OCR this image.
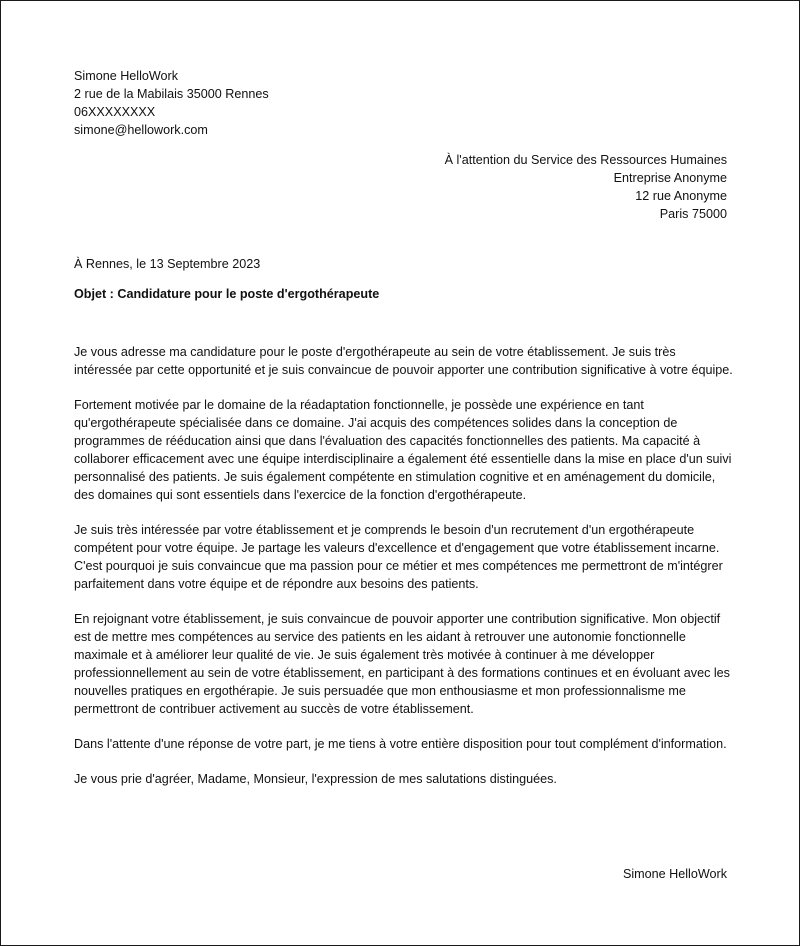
Simone HelloWork
2 rue de la Mabilais 35000 Rennes
06XXXXXXXX
simone@hellowork.com
À l'attention du Service des Ressources Humaines
Entreprise Anonyme
12 rue Anonyme
Paris 75000
À Rennes, le 13 Septembre 2023
Objet : Candidature pour le poste d'ergothérapeute

Je vous adresse ma candidature pour le poste d'ergothérapeute au sein de votre établissement. Je suis très intéressée par cette opportunité et je suis convaincue de pouvoir apporter une contribution significative à votre équipe.

Fortement motivée par le domaine de la réadaptation fonctionnelle, je possède une expérience en tant qu'ergothérapeute spécialisée dans ce domaine. J'ai acquis des compétences solides dans la conception de programmes de rééducation ainsi que dans l'évaluation des capacités fonctionnelles des patients. Ma capacité à collaborer efficacement avec une équipe interdisciplinaire a également été essentielle dans la mise en place d'un suivi personnalisé des patients. Je suis également compétente en stimulation cognitive et en aménagement du domicile, des domaines qui sont essentiels dans l'exercice de la fonction d'ergothérapeute.

Je suis très intéressée par votre établissement et je comprends le besoin d'un recrutement d'un ergothérapeute compétent pour votre équipe. Je partage les valeurs d'excellence et d'engagement que votre établissement incarne. C'est pourquoi je suis convaincue que ma passion pour ce métier et mes compétences me permettront de m'intégrer parfaitement dans votre équipe et de répondre aux besoins des patients.

En rejoignant votre établissement, je suis convaincue de pouvoir apporter une contribution significative. Mon objectif est de mettre mes compétences au service des patients en les aidant à retrouver une autonomie fonctionnelle maximale et à améliorer leur qualité de vie. Je suis également très motivée à continuer à me développer professionnellement au sein de votre établissement, en participant à des formations continues et en évoluant avec les nouvelles pratiques en ergothérapie. Je suis persuadée que mon enthousiasme et mon professionnalisme me permettront de contribuer activement au succès de votre établissement.

Dans l'attente d'une réponse de votre part, je me tiens à votre entière disposition pour tout complément d'information.

Je vous prie d'agréer, Madame, Monsieur, l'expression de mes salutations distinguées.

Simone HelloWork
